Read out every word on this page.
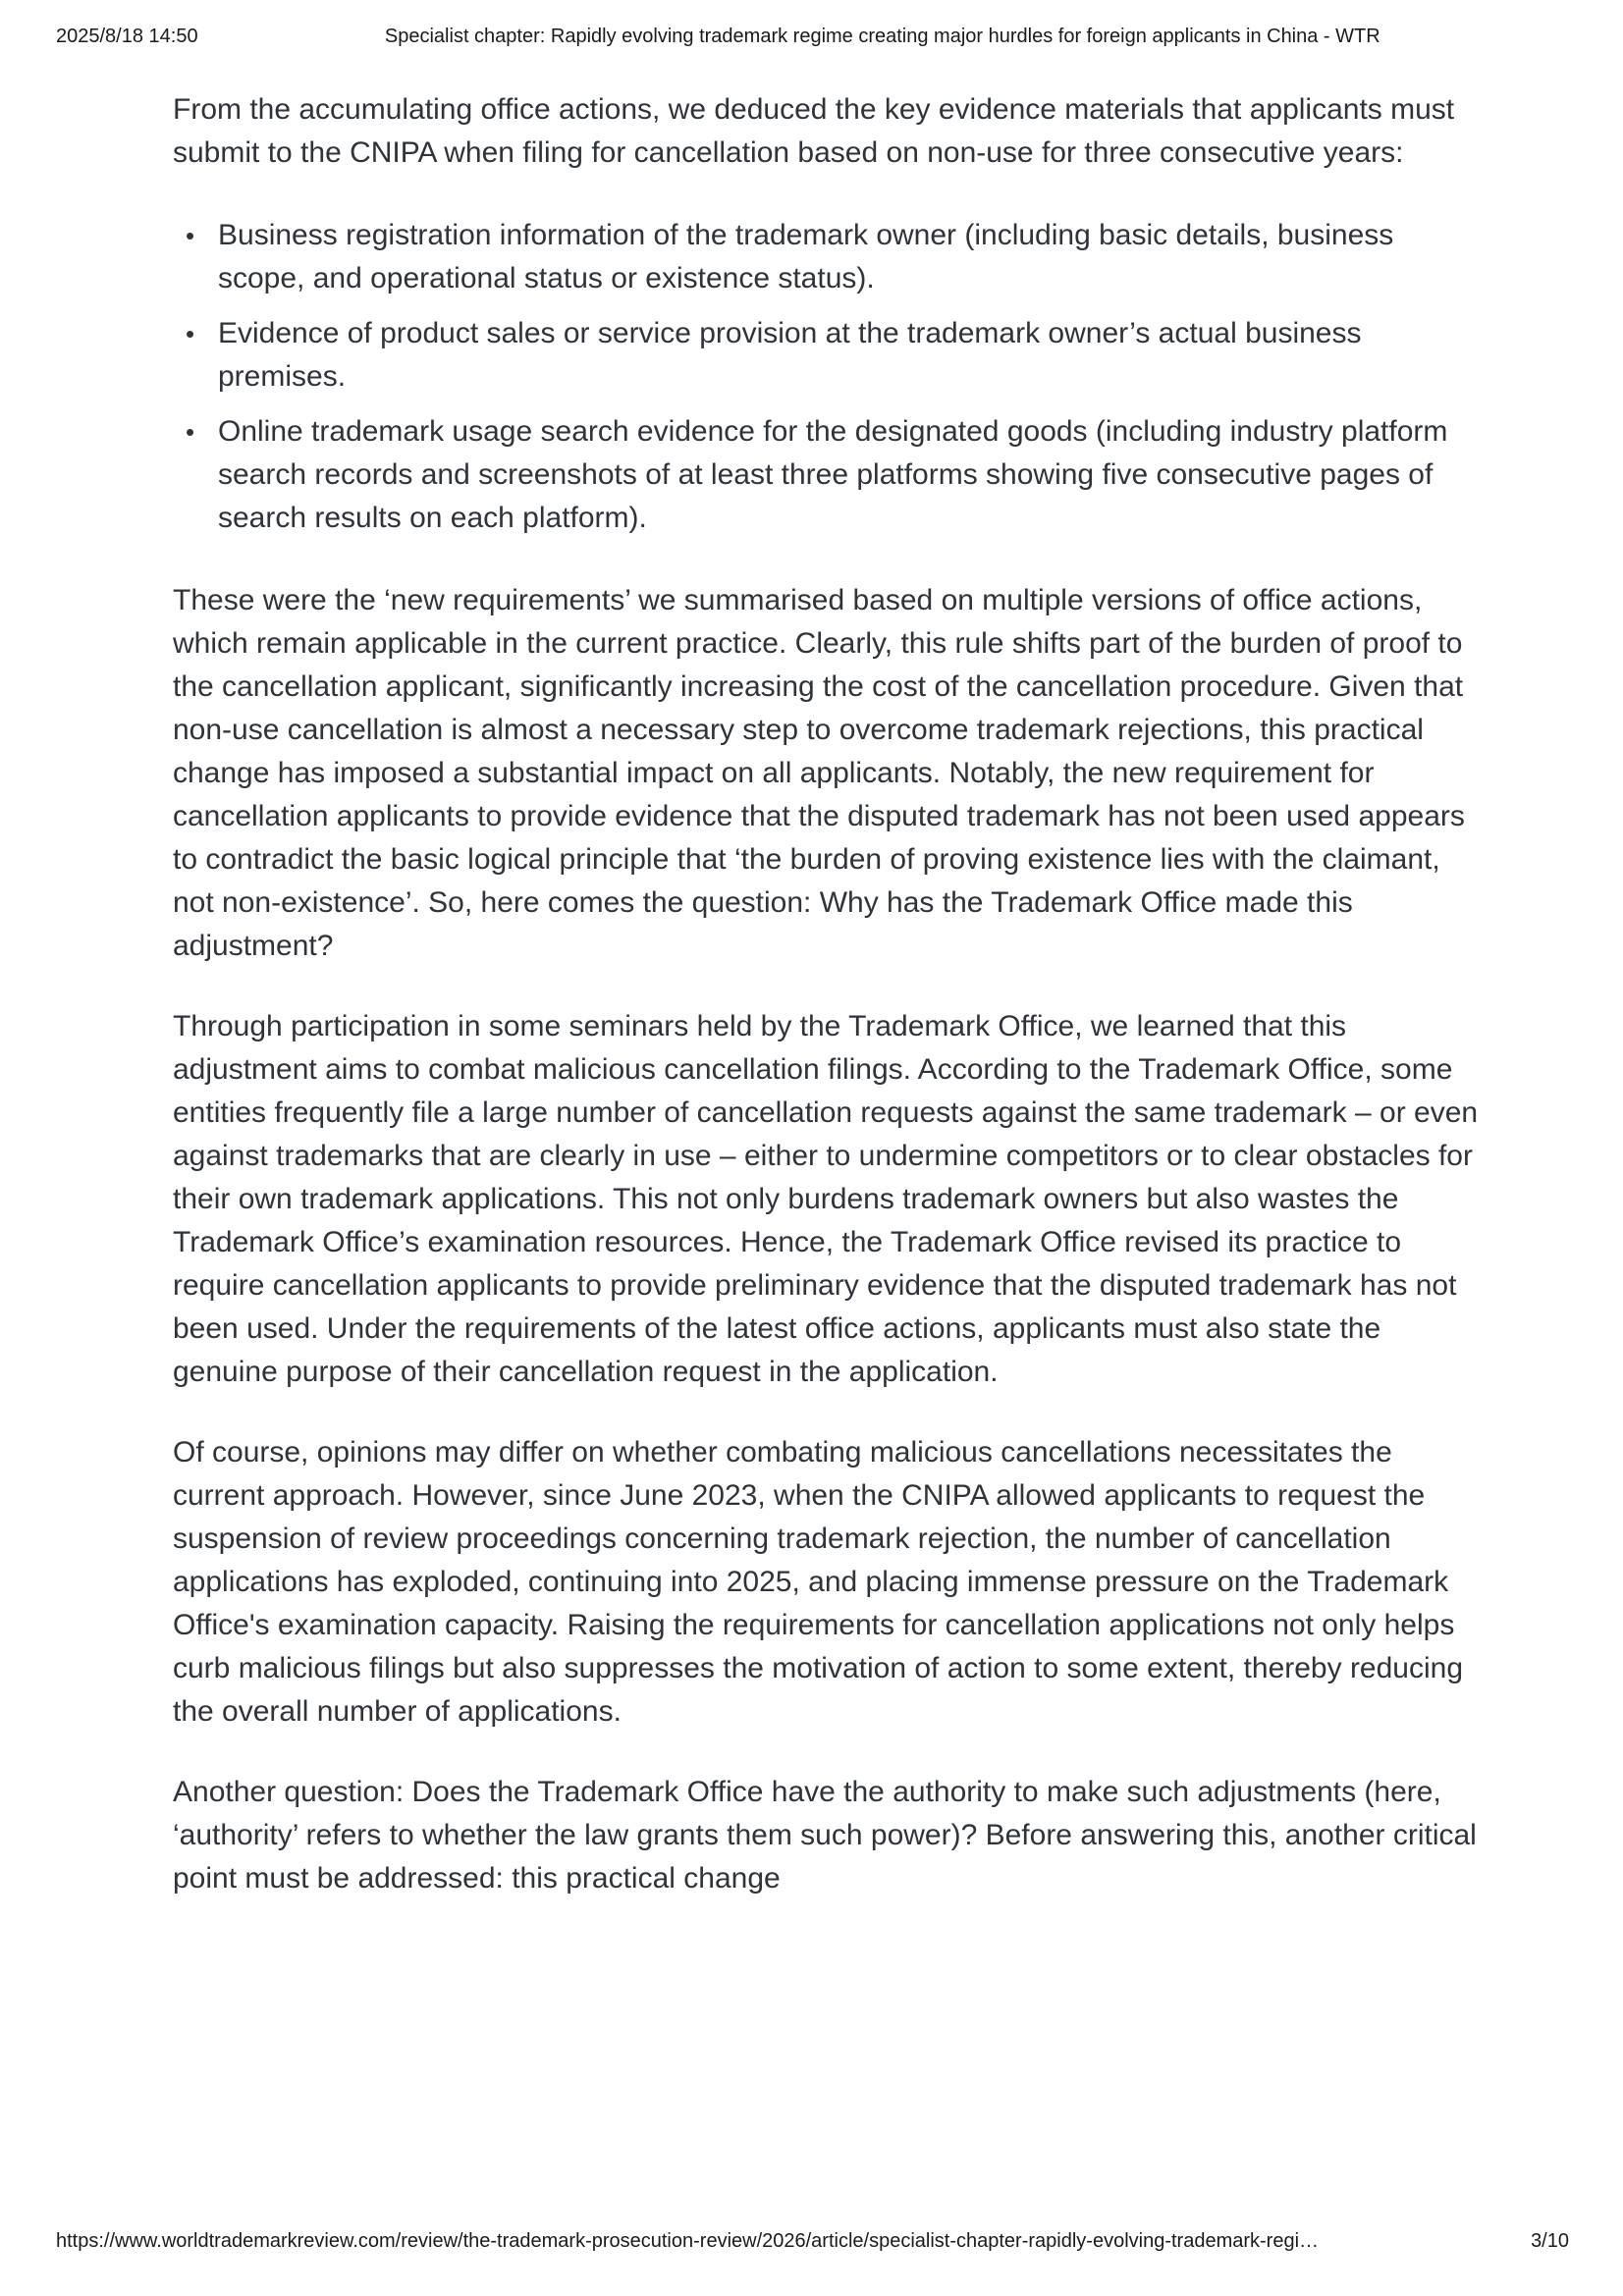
2025/8/18 14:50	Specialist chapter: Rapidly evolving trademark regime creating major hurdles for foreign applicants in China - WTR

From the accumulating office actions, we deduced the key evidence materials that applicants must submit to the CNIPA when filing for cancellation based on non-use for three consecutive years:

• Business registration information of the trademark owner (including basic details, business scope, and operational status or existence status).
• Evidence of product sales or service provision at the trademark owner’s actual business premises.
• Online trademark usage search evidence for the designated goods (including industry platform search records and screenshots of at least three platforms showing five consecutive pages of search results on each platform).

These were the ‘new requirements’ we summarised based on multiple versions of office actions, which remain applicable in the current practice. Clearly, this rule shifts part of the burden of proof to the cancellation applicant, significantly increasing the cost of the cancellation procedure. Given that non-use cancellation is almost a necessary step to overcome trademark rejections, this practical change has imposed a substantial impact on all applicants. Notably, the new requirement for cancellation applicants to provide evidence that the disputed trademark has not been used appears to contradict the basic logical principle that ‘the burden of proving existence lies with the claimant, not non-existence’. So, here comes the question: Why has the Trademark Office made this adjustment?

Through participation in some seminars held by the Trademark Office, we learned that this adjustment aims to combat malicious cancellation filings. According to the Trademark Office, some entities frequently file a large number of cancellation requests against the same trademark – or even against trademarks that are clearly in use – either to undermine competitors or to clear obstacles for their own trademark applications. This not only burdens trademark owners but also wastes the Trademark Office’s examination resources. Hence, the Trademark Office revised its practice to require cancellation applicants to provide preliminary evidence that the disputed trademark has not been used. Under the requirements of the latest office actions, applicants must also state the genuine purpose of their cancellation request in the application.

Of course, opinions may differ on whether combating malicious cancellations necessitates the current approach. However, since June 2023, when the CNIPA allowed applicants to request the suspension of review proceedings concerning trademark rejection, the number of cancellation applications has exploded, continuing into 2025, and placing immense pressure on the Trademark Office's examination capacity. Raising the requirements for cancellation applications not only helps curb malicious filings but also suppresses the motivation of action to some extent, thereby reducing the overall number of applications.

Another question: Does the Trademark Office have the authority to make such adjustments (here, ‘authority’ refers to whether the law grants them such power)? Before answering this, another critical point must be addressed: this practical change

https://www.worldtrademarkreview.com/review/the-trademark-prosecution-review/2026/article/specialist-chapter-rapidly-evolving-trademark-regi…	3/10
